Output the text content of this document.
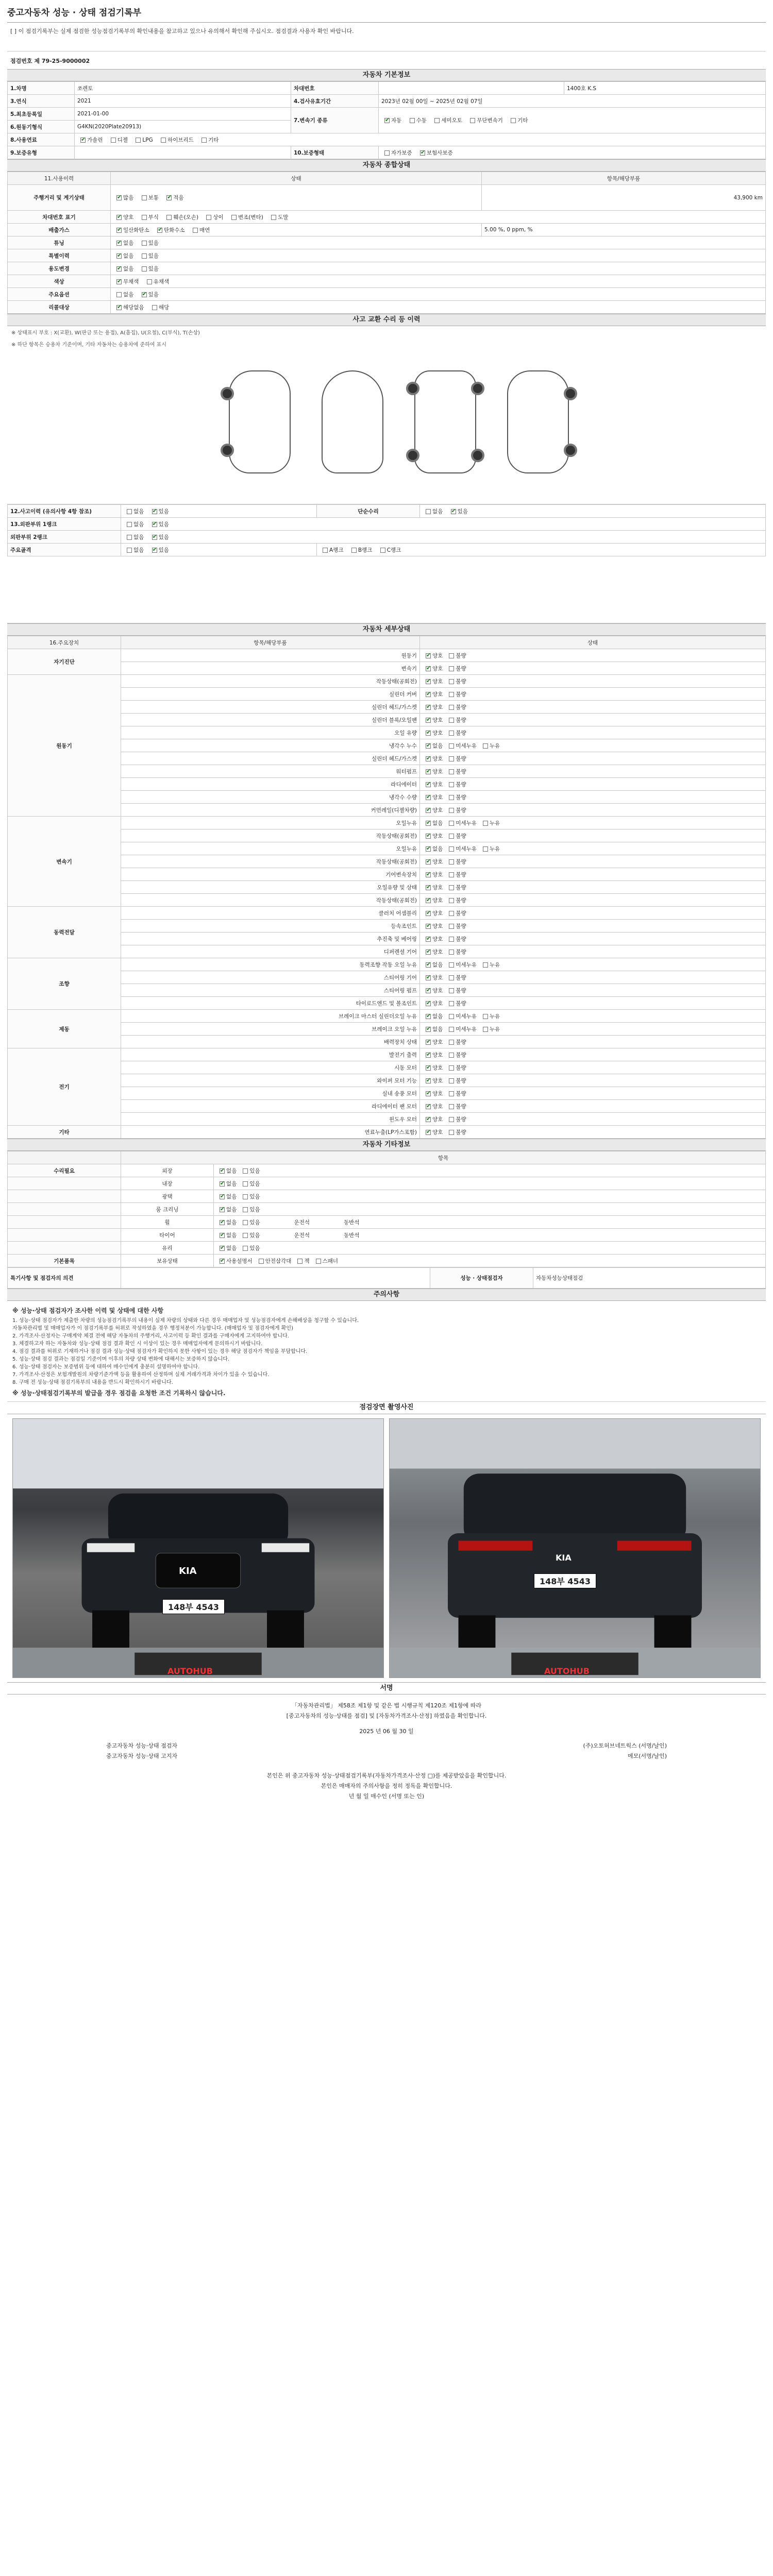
중고자동차 성능 · 상태 점검기록부
[ ] 이 점검기록부는 실제 점검한 성능점검기록부의 확인내용을 참고하고 있으나 유의해서 확인해 주십시오. 점검결과 사용자 확인 바랍니다.
점검번호 제 79-25-9000002
자동차 기본정보
1.차명	쏘렌토	차대번호		1400호 K.S
3.연식	2021	4.검사유효기간	2023년 02월 00일 ~ 2025년 02월 07일	
5.최초등록일	2021-01-00	7.변속기 종류	✔자동 수동 세미오토 무단변속기 기타
6.원동기형식	G4KN(2020Plate20913)			
8.사용연료	✔가솔린 디젤 LPG 하이브리드 기타
9.보증유형		10.보증형태	자가보증 ✔ 보험사보증
자동차 종합상태
11.사용이력	상태	항목/해당부품
주행거리 및 계기상태	✔많음 보통 ✔ 적음	43,900 km
차대번호 표기	✔양호 부식 훼손(오손) 상이 변조(변타) 도말
배출가스	✔일산화탄소 ✔ 탄화수소 매연	5.00 %, 0 ppm, %
튜닝	✔없음 있음
특별이력	✔없음 있음
용도변경	✔없음 있음
색상	✔무채색 유채색
주요옵션	없음 ✔ 있음
리콜대상	✔해당없음 해당
사고 교환 수리 등 이력
※ 상태표시 부호 : X(교환), W(판금 또는 용접), A(흠집), U(요철), C(부식), T(손상)
※ 하단 항목은 승용차 기준이며, 기타 자동차는 승용차에 준하여 표시
12.사고이력 (유의사항 4항 참조)	없음 ✔ 있음	단순수리	없음 ✔ 있음
13.외판부위 1랭크	없음 ✔ 있음
외판부위 2랭크	없음 ✔ 있음
주요골격	없음 ✔ 있음	A랭크 B랭크 C랭크	
자동차 세부상태
16.주요장치	항목/해당부품	상태
자기진단	원동기	✔양호 불량
	변속기	✔양호 불량
원동기	작동상태(공회전)	✔양호 불량
	실린더 커버	✔양호 불량
	실린더 헤드/가스켓	✔양호 불량
	실린더 블록/오일팬	✔양호 불량
	오일 유량	✔양호 불량
	냉각수 누수	✔없음 미세누유 누유
	실린더 헤드/가스켓	✔양호 불량
	워터펌프	✔양호 불량
	라디에이터	✔양호 불량
	냉각수 수량	✔양호 불량
	커먼레일(디젤차량)	✔양호 불량
변속기	오일누유	✔없음 미세누유 누유
	작동상태(공회전)	✔양호 불량
	오일누유	✔없음 미세누유 누유
	작동상태(공회전)	✔양호 불량
	기어변속장치	✔양호 불량
	오일유량 및 상태	✔양호 불량
	작동상태(공회전)	✔양호 불량
동력전달	클러치 어셈블리	✔양호 불량
	등속조인트	✔양호 불량
	추진축 및 베어링	✔양호 불량
	디퍼렌셜 기어	✔양호 불량
조향	동력조향 작동 오일 누유	✔없음 미세누유 누유
	스티어링 기어	✔양호 불량
	스티어링 펌프	✔양호 불량
	타이로드엔드 및 볼조인트	✔양호 불량
제동	브레이크 마스터 실린더오일 누유	✔없음 미세누유 누유
	브레이크 오일 누유	✔없음 미세누유 누유
	배력장치 상태	✔양호 불량
전기	발전기 출력	✔양호 불량
	시동 모터	✔양호 불량
	와이퍼 모터 기능	✔양호 불량
	실내 송풍 모터	✔양호 불량
	라디에이터 팬 모터	✔양호 불량
	윈도우 모터	✔양호 불량
기타	연료누출(LP가스포함)	✔양호 불량
자동차 기타정보
	항목	
수리필요	외장	✔없음 있음
	내장	✔없음 있음
	광택	✔없음 있음
	룸 크리닝	✔없음 있음
	휠	✔없음 있음 운전석 동반석
	타이어	✔없음 있음 운전석 동반석
	유리	✔없음 있음
기본품목	보유상태	✔사용설명서 안전삼각대 잭 스패너
특기사항 및 점검자의 의견		성능 · 상태점검자	자동차성능상태점검
주의사항
※ 성능·상태 점검자가 조사한 이력 및 상태에 대한 사항
1. 성능·상태 점검자가 제출한 차량의 성능점검기록부의 내용이 실제 차량의 상태와 다른 경우 매매업자 및 성능점검자에게 손해배상을 청구할 수 있습니다.
자동차관리법 및 매매업자가 이 점검기록부를 허위로 작성하였을 경우 행정처분이 가능합니다. (매매업자 및 점검자에게 확인)
2. 가격조사·산정자는 구매계약 체결 전에 해당 자동차의 주행거리, 사고이력 등 확인 결과를 구매자에게 고지하여야 합니다.
3. 체결하고자 하는 자동차와 성능·상태 점검 결과 확인 시 이상이 있는 경우 매매업자에게 문의하시기 바랍니다.
4. 점검 결과를 허위로 기재하거나 점검 결과 성능·상태 점검자가 확인하지 못한 사항이 있는 경우 해당 점검자가 책임을 부담합니다.
5. 성능·상태 점검 결과는 점검일 기준이며 이후의 차량 상태 변화에 대해서는 보증하지 않습니다.
6. 성능·상태 점검자는 보증범위 등에 대하여 매수인에게 충분히 설명하여야 합니다.
7. 가격조사·산정은 보험개발원의 차량기준가액 등을 활용하여 산정하며 실제 거래가격과 차이가 있을 수 있습니다.
8. 구매 전 성능·상태 점검기록부의 내용을 반드시 확인하시기 바랍니다.
※ 성능·상태점검기록부의 발급을 경우 점검을 요청한 조건 기록하시 않습니다.
점검장면 촬영사진
148부 4543
KIA
AUTOHUB
148부 4543
KIA
AUTOHUB
서명
「자동차관리법」 제58조 제1항 및 같은 법 시행규칙 제120조 제1항에 따라
[중고자동차의 성능·상태를 점검] 및 [자동차가격조사·산정] 하였음을 확인합니다.
2025 년 06 월 30 일
중고자동차 성능·상태 점검자
중고자동차 성능·상태 고지자
(주)오토허브네트웍스 (서명/날인)
메모(서명/날인)
본인은 위 중고자동차 성능·상태점검기록부(자동차가격조사·산정 □)를 제공받았음을 확인합니다.
본인은 매매자의 주의사항을 정히 정독을 확인합니다.
년 월 일 매수인 (서명 또는 인)
